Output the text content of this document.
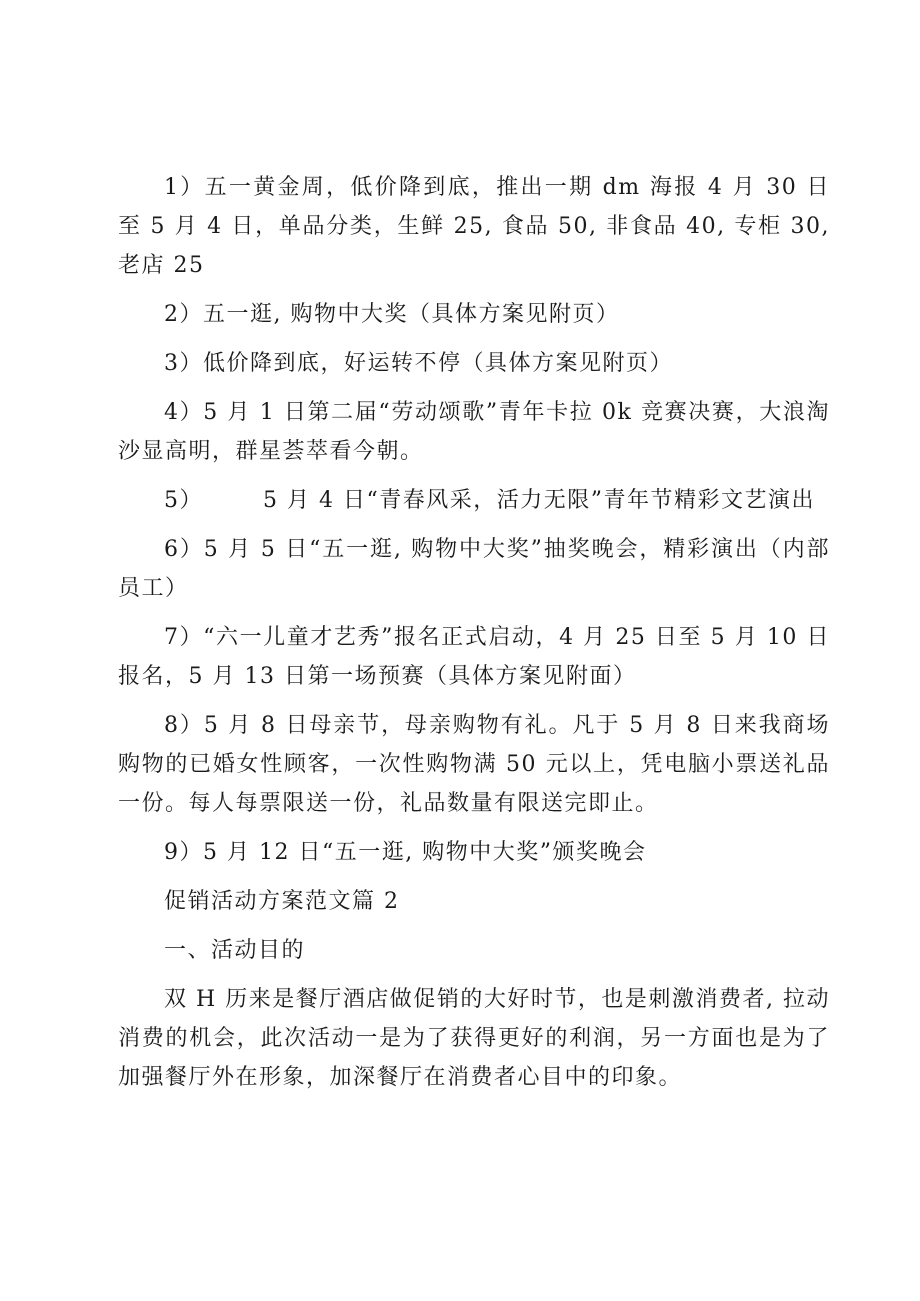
1）五一黄金周，低价降到底，推出一期 dm 海报 4 月 30 日至 5 月 4 日，单品分类，生鲜 25, 食品 50, 非食品 40, 专柜 30, 老店 25

2）五一逛, 购物中大奖（具体方案见附页）

3）低价降到底，好运转不停（具体方案见附页）

4）5 月 1 日第二届“劳动颂歌”青年卡拉 0k 竞赛决赛，大浪淘沙显高明，群星荟萃看今朝。

5）	5 月 4 日“青春风采，活力无限”青年节精彩文艺演出

6）5 月 5 日“五一逛, 购物中大奖”抽奖晚会，精彩演出（内部员工）

7）“六一儿童才艺秀”报名正式启动，4 月 25 日至 5 月 10 日报名，5 月 13 日第一场预赛（具体方案见附面）

8）5 月 8 日母亲节，母亲购物有礼。凡于 5 月 8 日来我商场购物的已婚女性顾客，一次性购物满 50 元以上，凭电脑小票送礼品一份。每人每票限送一份，礼品数量有限送完即止。

9）5 月 12 日“五一逛, 购物中大奖”颁奖晚会

促销活动方案范文篇 2

一、活动目的

双 H 历来是餐厅酒店做促销的大好时节，也是刺激消费者, 拉动消费的机会，此次活动一是为了获得更好的利润，另一方面也是为了加强餐厅外在形象，加深餐厅在消费者心目中的印象。
